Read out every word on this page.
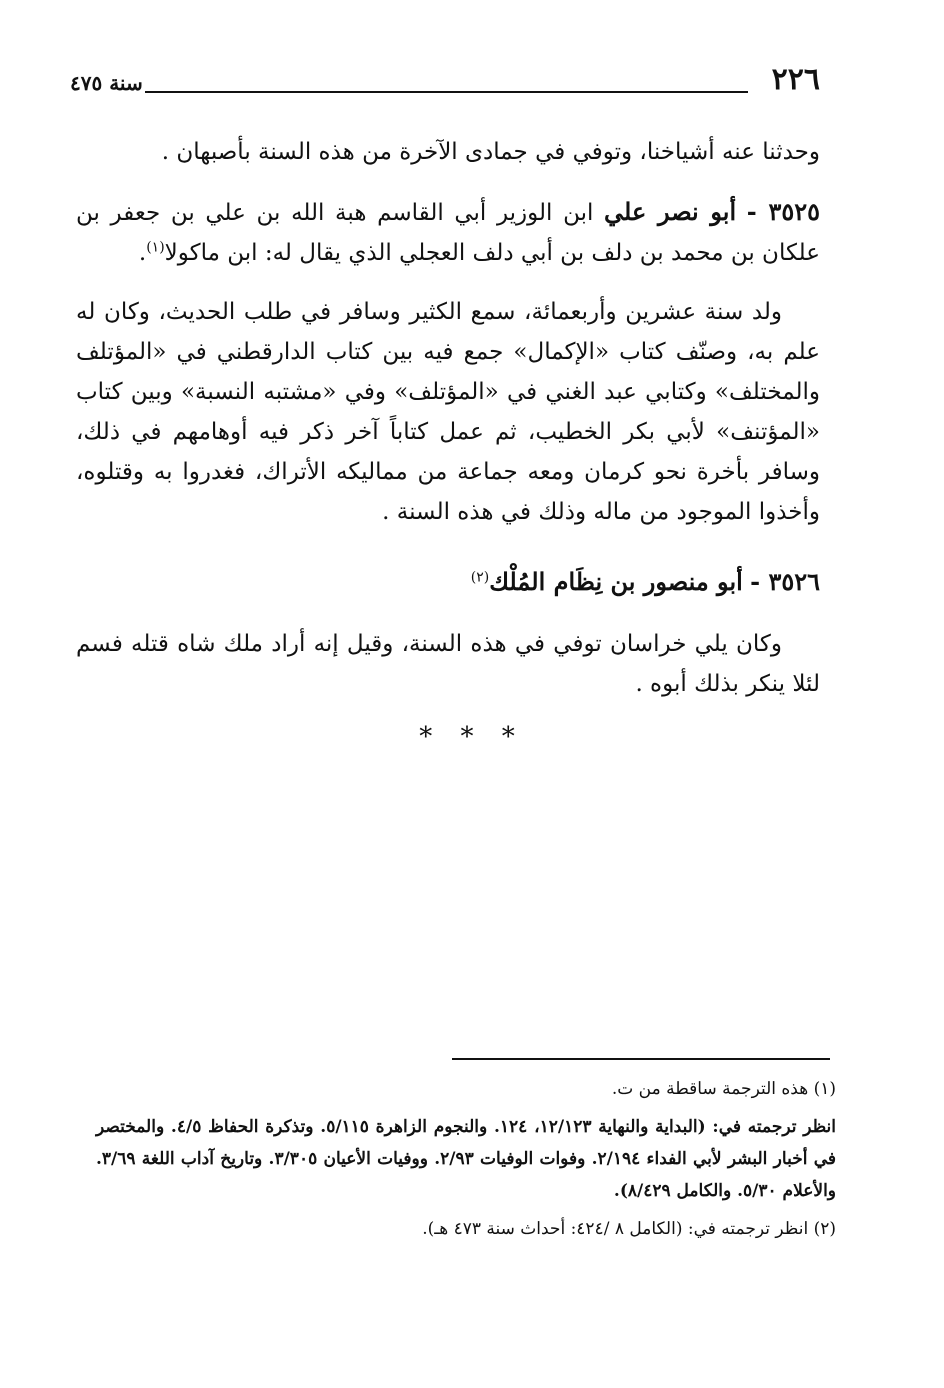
٢٢٦
سنة ٤٧٥
وحدثنا عنه أشياخنا، وتوفي في جمادى الآخرة من هذه السنة بأصبهان .
٣٥٢٥ - أبو نصر علي ابن الوزير أبي القاسم هبة الله بن علي بن جعفر بن علكان بن محمد بن دلف بن أبي دلف العجلي الذي يقال له: ابن ماكولا$^{(١)}$.
ولد سنة عشرين وأربعمائة، سمع الكثير وسافر في طلب الحديث، وكان له علم به، وصنّف كتاب «الإكمال» جمع فيه بين كتاب الدارقطني في «المؤتلف والمختلف» وكتابي عبد الغني في «المؤتلف» وفي «مشتبه النسبة» وبين كتاب «المؤتنف» لأبي بكر الخطيب، ثم عمل كتاباً آخر ذكر فيه أوهامهم في ذلك، وسافر بأخرة نحو كرمان ومعه جماعة من مماليكه الأتراك، فغدروا به وقتلوه، وأخذوا الموجود من ماله وذلك في هذه السنة .
٣٥٢٦ - أبو منصور بن نِظَام المُلْك$^{(٢)}$
وكان يلي خراسان توفي في هذه السنة، وقيل إنه أراد ملك شاه قتله فسم لئلا ينكر بذلك أبوه .
* * *

(١) هذه الترجمة ساقطة من ت.

انظر ترجمته في: (البداية والنهاية ١٢/١٢٣، ١٢٤. والنجوم الزاهرة ٥/١١٥. وتذكرة الحفاظ ٤/٥. والمختصر في أخبار البشر لأبي الفداء ٢/١٩٤. وفوات الوفيات ٢/٩٣. ووفيات الأعيان ٣/٣٠٥. وتاريخ آداب اللغة ٣/٦٩. والأعلام ٥/٣٠. والكامل ٨/٤٢٩).

(٢) انظر ترجمته في: (الكامل ٨ /٤٢٤: أحداث سنة ٤٧٣ هـ).
